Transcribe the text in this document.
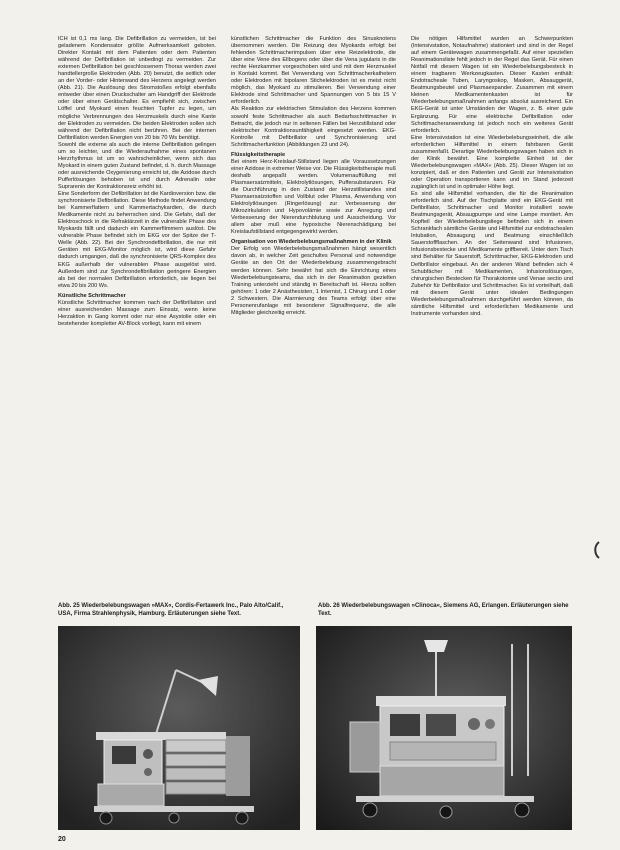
ICH ist 0,1 ms lang. Die Defibrillation zu vermeiden, ist bei geladenem Kondensator größte Aufmerksamkeit geboten. Direkter Kontakt mit dem Patienten oder dem Patienten während der Defibrillation ist unbedingt zu vermeiden. Zur externen Defibrillation bei geschlossenem Thorax werden zwei handtellergroße Elektroden (Abb. 20) benutzt, die seitlich oder an der Vorder- oder Hinterwand des Herzens angelegt werden (Abb. 21). Die Auslösung des Stromstoßes erfolgt ebenfalls entweder über einen Druckschalter am Handgriff der Elektrode oder über einen Gerätschalter. Es empfiehlt sich, zwischen Löffel und Myokard einen feuchten Tupfer zu legen, um mögliche Verbrennungen des Herzmuskels durch eine Kante der Elektroden zu vermeiden. Die beiden Elektroden sollen sich während der Defibrillation nicht berühren. Bei der internen Defibrillation werden Energien von 20 bis 70 Ws benötigt.

Sowohl die externe als auch die interne Defibrillation gelingen um so leichter, und die Wiederaufnahme eines spontanen Herzrhythmus ist um so wahrscheinlicher, wenn sich das Myokard in einem guten Zustand befindet, d. h. durch Massage oder ausreichende Oxygenierung erreicht ist, die Azidose durch Pufferlösungen behoben ist und durch Adrenalin oder Suprarenin der Kontraktionsreiz erhöht ist.

Eine Sonderform der Defibrillation ist die Kardioversion bzw. die synchronisierte Defibrillation. Diese Methode findet Anwendung bei Kammerflattern und Kammertachykardien, die durch Medikamente nicht zu beherrschen sind. Die Gefahr, daß der Elektroschock in die Refraktärzeit in die vulnerable Phase des Myokards fällt und dadurch ein Kammerflimmern auslöst. Die vulnerable Phase befindet sich im EKG vor der Spitze der T-Welle (Abb. 22). Bei der Synchrondefibrillation, die nur mit Geräten mit EKG-Monitor möglich ist, wird diese Gefahr dadurch umgangen, daß die synchronisierte QRS-Komplex des EKG außerhalb der vulnerablen Phase ausgelöst wird. Außerdem sind zur Synchrondefibrillation geringere Energien als bei der normalen Defibrillation erforderlich, sie liegen bei etwa 20 bis 200 Ws.

Künstliche Schrittmacher

Künstliche Schrittmacher kommen nach der Defibrillation und einer ausreichenden Massage zum Einsatz, wenn keine Herzaktion in Gang kommt oder nur eine Asystolie oder ein bestehender kompletter AV-Block vorliegt, kann mit einem

künstlichen Schrittmacher die Funktion des Sinusknotens übernommen werden. Die Reizung des Myokards erfolgt bei fehlenden Schrittmacherimpulsen über eine Reizelektrode, die über eine Vene des Ellbogens oder über die Vena jugularis in die rechte Herzkammer vorgeschoben wird und mit dem Herzmuskel in Kontakt kommt. Bei Verwendung von Schrittmacherkathetern oder Elektroden mit bipolaren Stichelektroden ist es meist nicht möglich, das Myokard zu stimulieren. Bei Verwendung einer Elektrode sind Schrittmacher und Spannungen von 5 bis 15 V erforderlich.

Als Reaktion zur elektrischen Stimulation des Herzens kommen sowohl feste Schrittmacher als auch Bedarfsschrittmacher in Betracht, die jedoch nur in seltenen Fällen bei Herzstillstand oder elektrischer Kontraktionsunfähigkeit eingesetzt werden. EKG-Kontrolle mit Defibrillator und Synchronisierung und Schrittmacherfunktion (Abbildungen 23 und 24).

Flüssigkeitstherapie

Bei einem Herz-Kreislauf-Stillstand liegen alle Voraussetzungen einer Azidose in extremer Weise vor. Die Flüssigkeitstherapie muß deshalb angepaßt werden. Volumenauffüllung mit Plasmaersatzmitteln, Elektrolytlösungen, Puffersubstanzen. Für die Durchführung in den Zustand der Herzstillstandes sind Plasmaersatzstoffen und Vollblut oder Plasma, Anwendung von Elektrolytlösungen (Ringerlösung) zur Verbesserung der Mikrozirkulation und Hypovolämie sowie zur Anregung und Verbesserung der Nierendurchblutung und Ausscheidung. Vor allem aber muß eine hypoxische Nierenschädigung bei Kreislaufstillstand entgegengewirkt werden.

Organisation von Wiederbelebungsmaßnahmen in der Klinik

Der Erfolg von Wiederbelebungsmaßnahmen hängt wesentlich davon ab, in welcher Zeit geschultes Personal und notwendige Geräte an den Ort der Wiederbelebung zusammengebracht werden können. Sehr bewährt hat sich die Einrichtung eines Wiederbelebungsteams, das sich in der Reanimation gezielten Training unterzieht und ständig in Bereitschaft ist. Hierzu sollten gehören: 1 oder 2 Anästhesisten, 1 Internist, 1 Chirurg und 1 oder 2 Schwestern. Die Alarmierung des Teams erfolgt über eine Personenrufanlage mit besonderer Signalfrequenz, die alle Mitglieder gleichzeitig erreicht.

Die nötigen Hilfsmittel wurden an Schwerpunkten (Intensivstation, Notaufnahme) stationiert und sind in der Regel auf einem Gerätewagen zusammengefaßt. Auf einer speziellen Reanimationsliste fehlt jedoch in der Regel das Gerät. Für einen Notfall mit diesem Wagen ist ein Wiederbelebungsbesteck in einem tragbaren Werkzeugkasten. Dieser Kasten enthält: Endotracheale Tuben, Laryngoskop, Masken, Absauggerät, Beatmungsbeutel und Plasmaexpander. Zusammen mit einem kleinen Medikamentenkasten ist für Wiederbelebungsmaßnahmen anfangs absolut ausreichend. Ein EKG-Gerät ist unter Umständen der Wagen, z. B. einer gute Ergänzung. Für eine elektrische Defibrillation oder Schrittmacheranwendung ist jedoch noch ein weiteres Gerät erforderlich.

Eine Intensivstation ist eine Wiederbelebungseinheit, die alle erforderlichen Hilfsmittel in einem fahrbaren Gerät zusammenfaßt. Derartige Wiederbelebungswagen haben sich in der Klinik bewährt. Eine komplette Einheit ist der Wiederbelebungswagen »MAX« (Abb. 25). Dieser Wagen ist so konzipiert, daß er den Patienten und Gerät zur Intensivstation oder Operation transportieren kann und im Stand jederzeit zugänglich ist und in optimaler Höhe liegt.

Es sind alle Hilfsmittel vorhanden, die für die Reanimation erforderlich sind. Auf der Tischplatte sind ein EKG-Gerät mit Defibrillator, Schrittmacher und Monitor installiert sowie Beatmungsgerät, Absaugpumpe und eine Lampe montiert. Am Kopfteil der Wiederbelebungsliege befinden sich in einem Schrankfach sämtliche Geräte und Hilfsmittel zur endotrachealen Intubation, Absaugung und Beatmung einschließlich Sauerstoffflaschen. An der Seitenwand sind Infusionen, Infusionsbestecke und Medikamente griffbereit. Unter dem Tisch sind Behälter für Sauerstoff, Schrittmacher, EKG-Elektroden und Defibrillator eingebaut. An der anderen Wand befinden sich 4 Schubfächer mit Medikamenten, Infusionslösungen, chirurgischen Bestecken für Thorakotomie und Venae sectio und Zubehör für Defibrillator und Schrittmacher. Es ist vorteilhaft, daß mit diesem Gerät unter idealen Bedingungen Wiederbelebungsmaßnahmen durchgeführt werden können, da sämtliche Hilfsmittel und erforderlichen Medikamente und Instrumente vorhanden sind.

Abb. 25 Wiederbelebungswagen »MAX«, Cordis-Fertawerk Inc., Palo Alto/Calif., USA, Firma Strahlenphysik, Hamburg. Erläuterungen siehe Text.
Abb. 26 Wiederbelebungswagen »Clinoca«, Siemens AG, Erlangen. Erläuterungen siehe Text.
20
